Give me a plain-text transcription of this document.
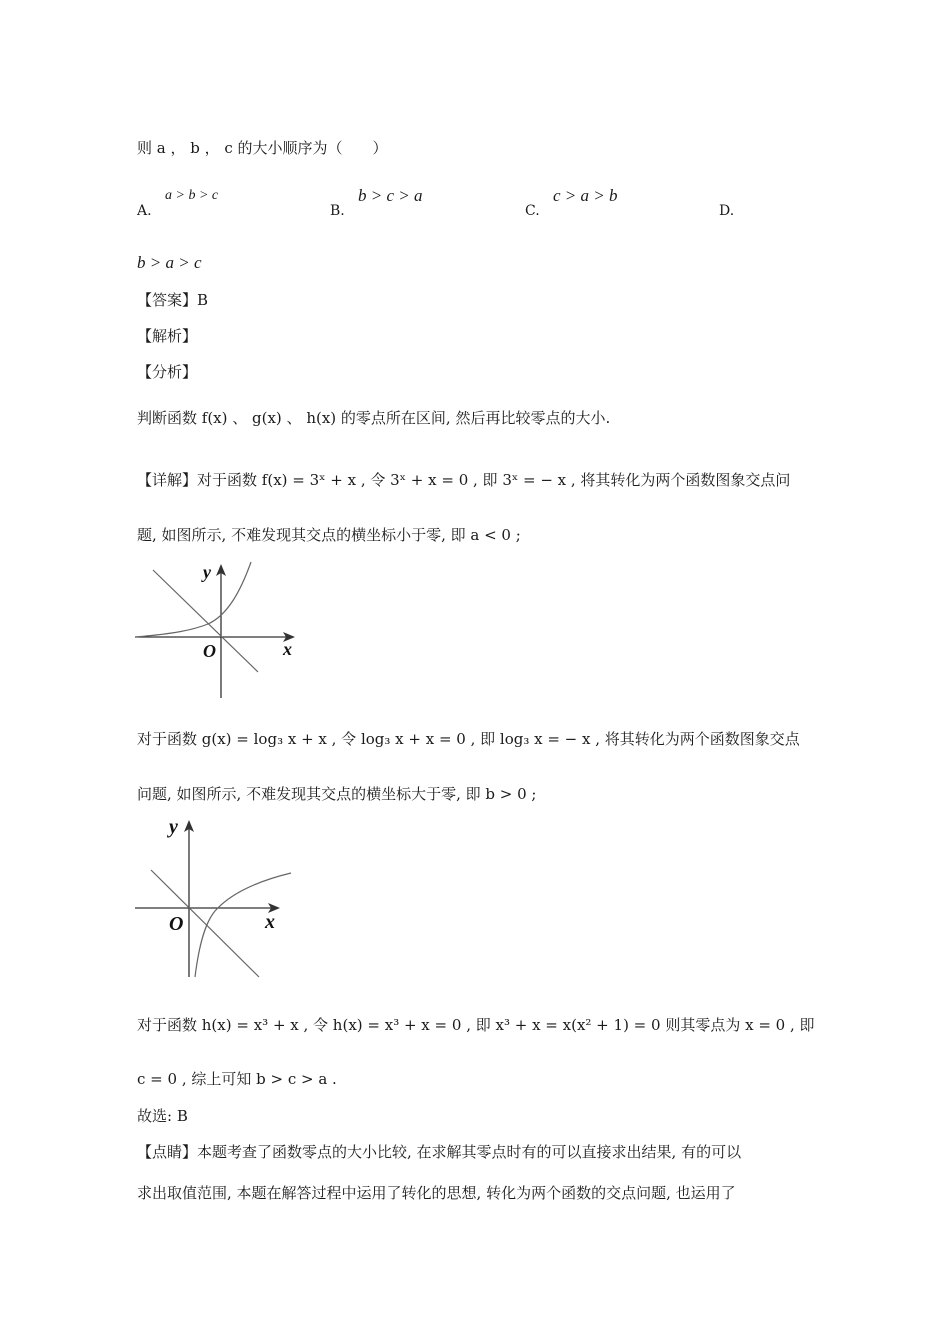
则 a ， b ， c 的大小顺序为（　　）
A.
a > b > c
B.
b > c > a
C.
c > a > b
D.
b > a > c
【答案】B
【解析】
【分析】
判断函数 f(x) 、 g(x) 、 h(x) 的零点所在区间, 然后再比较零点的大小.
【详解】对于函数 f(x) = 3ˣ + x , 令 3ˣ + x = 0 , 即 3ˣ = − x , 将其转化为两个函数图象交点问
题, 如图所示, 不难发现其交点的横坐标小于零, 即 a < 0 ;
y
x
O
对于函数 g(x) = log₃ x + x , 令 log₃ x + x = 0 , 即 log₃ x = − x , 将其转化为两个函数图象交点
问题, 如图所示, 不难发现其交点的横坐标大于零, 即 b > 0 ;
y
x
O
对于函数 h(x) = x³ + x , 令 h(x) = x³ + x = 0 , 即 x³ + x = x(x² + 1) = 0 则其零点为 x = 0 , 即
c = 0 , 综上可知 b > c > a .
故选: B
【点睛】本题考查了函数零点的大小比较, 在求解其零点时有的可以直接求出结果, 有的可以
求出取值范围, 本题在解答过程中运用了转化的思想, 转化为两个函数的交点问题, 也运用了
